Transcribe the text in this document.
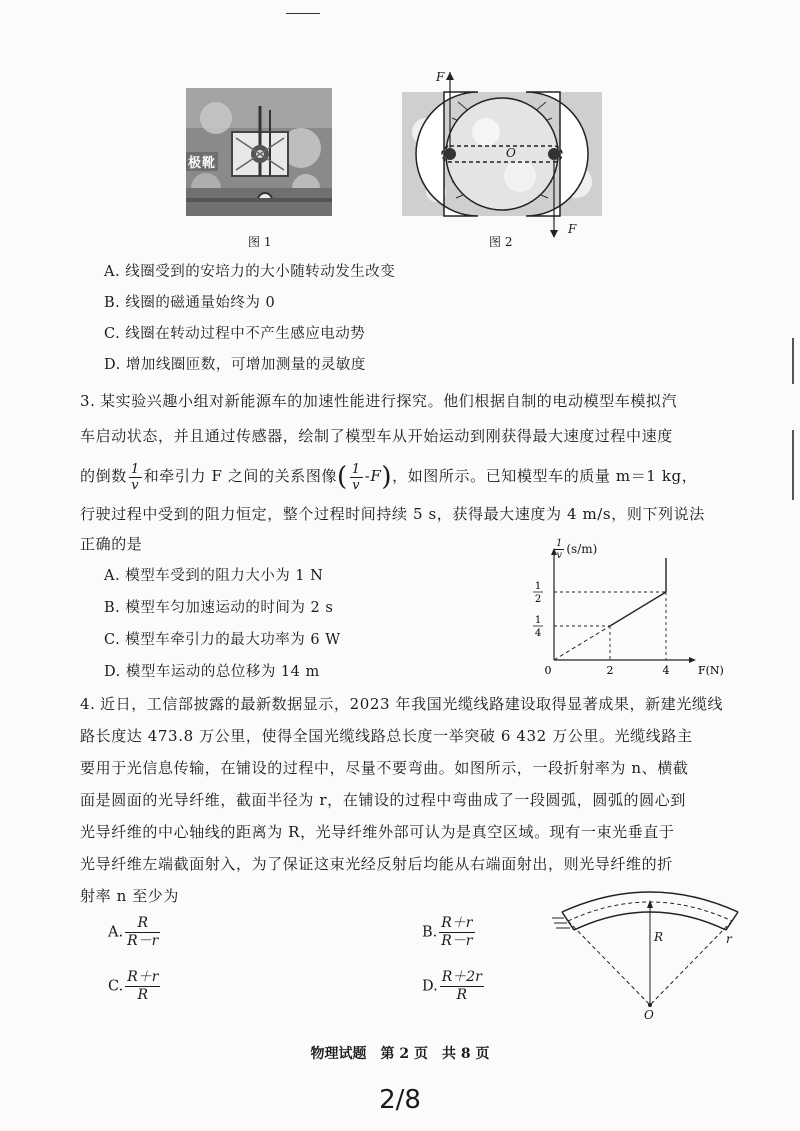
极靴
图 1
F
F
O
图 2
A. 线圈受到的安培力的大小随转动发生改变
B. 线圈的磁通量始终为 0
C. 线圈在转动过程中不产生感应电动势
D. 增加线圈匝数，可增加测量的灵敏度
3. 某实验兴趣小组对新能源车的加速性能进行探究。他们根据自制的电动模型车模拟汽
车启动状态，并且通过传感器，绘制了模型车从开始运动到刚获得最大速度过程中速度
的倒数 $\frac{1}{v}$ 和牵引力 F 之间的关系图像( $\frac{1}{v} -F$)，如图所示。已知模型车的质量 m＝1 kg，
行驶过程中受到的阻力恒定，整个过程时间持续 5 s，获得最大速度为 4 m/s，则下列说法
正确的是
A. 模型车受到的阻力大小为 1 N
B. 模型车匀加速运动的时间为 2 s
C. 模型车牵引力的最大功率为 6 W
D. 模型车运动的总位移为 14 m	2	4
0	F(N)
1
4
1
2
$\frac{1}{v} (s/m)$
4. 近日，工信部披露的最新数据显示，2023 年我国光缆线路建设取得显著成果，新建光缆线
路长度达 473.8 万公里，使得全国光缆线路总长度一举突破 6 432 万公里。光缆线路主
要用于光信息传输，在铺设的过程中，尽量不要弯曲。如图所示，一段折射率为 n、横截
面是圆面的光导纤维，截面半径为 r，在铺设的过程中弯曲成了一段圆弧，圆弧的圆心到
光导纤维的中心轴线的距离为 R，光导纤维外部可认为是真空区域。现有一束光垂直于
光导纤维左端截面射入，为了保证这束光经反射后均能从右端面射出，则光导纤维的折
射率 n 至少为
A. $\frac{R}{R-r}$	B. $\frac{R+r}{R-r}$
C. $\frac{R+r}{R}$	D. $\frac{R+2r}{R}$
R	r
O
物理试题　第 2 页　共 8 页
2/8
